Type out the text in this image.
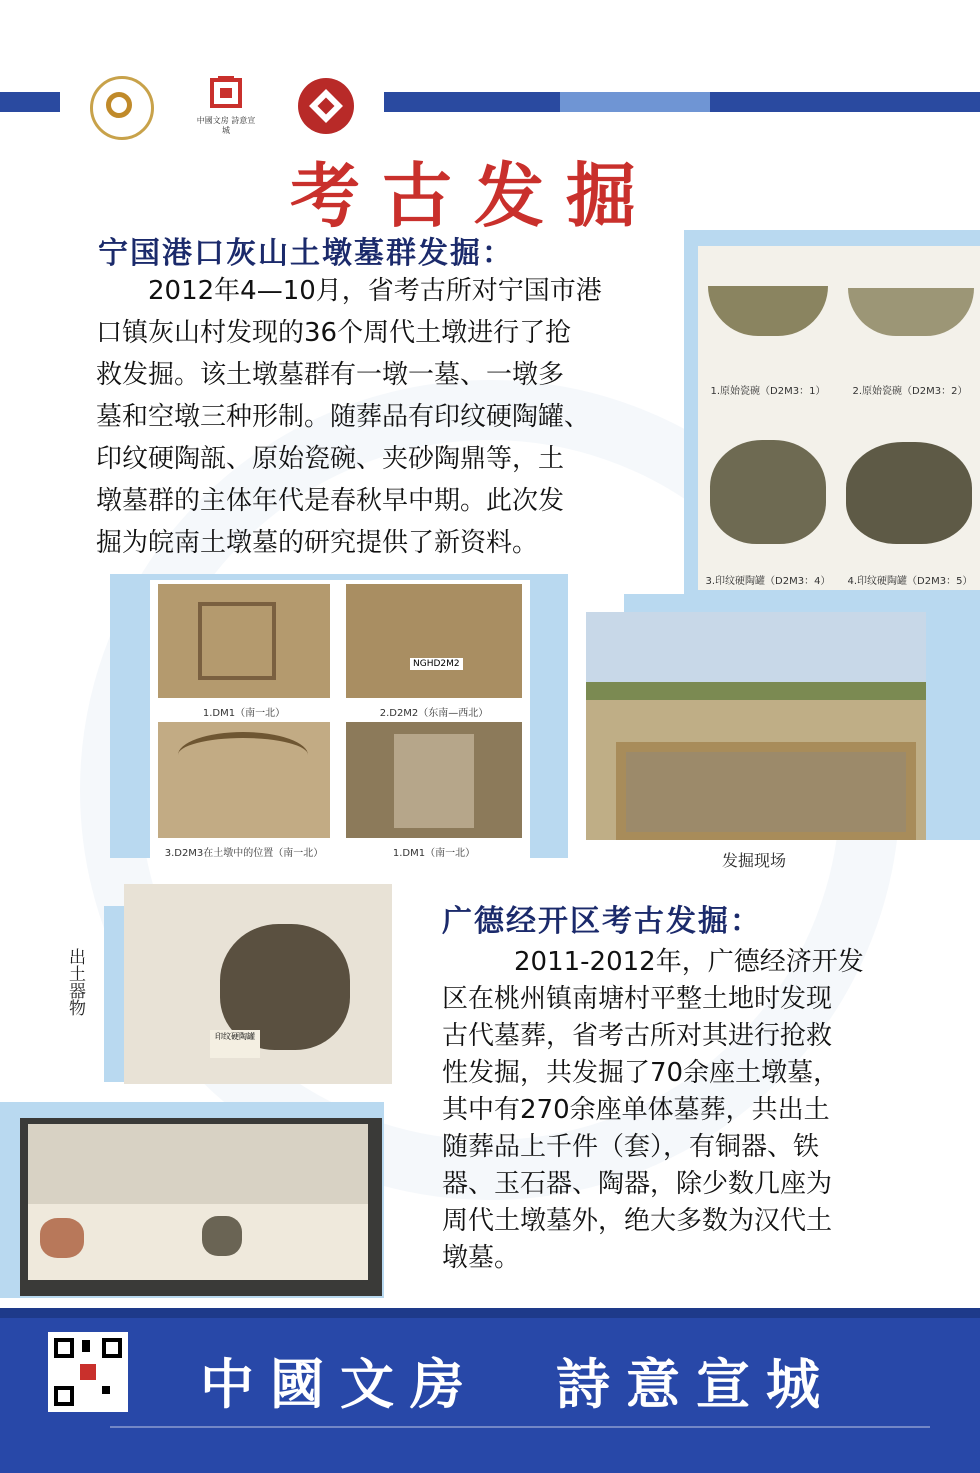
中國文房 詩意宣城
考古发掘
宁国港口灰山土墩墓群发掘：
2012年4—10月，省考古所对宁国市港
口镇灰山村发现的36个周代土墩进行了抢
救发掘。该土墩墓群有一墩一墓、一墩多
墓和空墩三种形制。随葬品有印纹硬陶罐、
印纹硬陶瓿、原始瓷碗、夹砂陶鼎等，土
墩墓群的主体年代是春秋早中期。此次发
掘为皖南土墩墓的研究提供了新资料。
1.原始瓷碗（D2M3：1）	2.原始瓷碗（D2M3：2）
3.印纹硬陶罐（D2M3：4）	4.印纹硬陶罐（D2M3：5）
1.DM1（南一北）
NGHD2M2
2.D2M2（东南—西北）
3.D2M3在土墩中的位置（南一北）	1.DM1（南一北）	发掘现场
出土器物
印纹硬陶罐
广德经开区考古发掘：
2011-2012年，广德经济开发
区在桃州镇南塘村平整土地时发现
古代墓葬，省考古所对其进行抢救
性发掘，共发掘了70余座土墩墓，
其中有270余座单体墓葬，共出土
随葬品上千件（套），有铜器、铁
器、玉石器、陶器，除少数几座为
周代土墩墓外，绝大多数为汉代土
墩墓。
中國文房 詩意宣城
